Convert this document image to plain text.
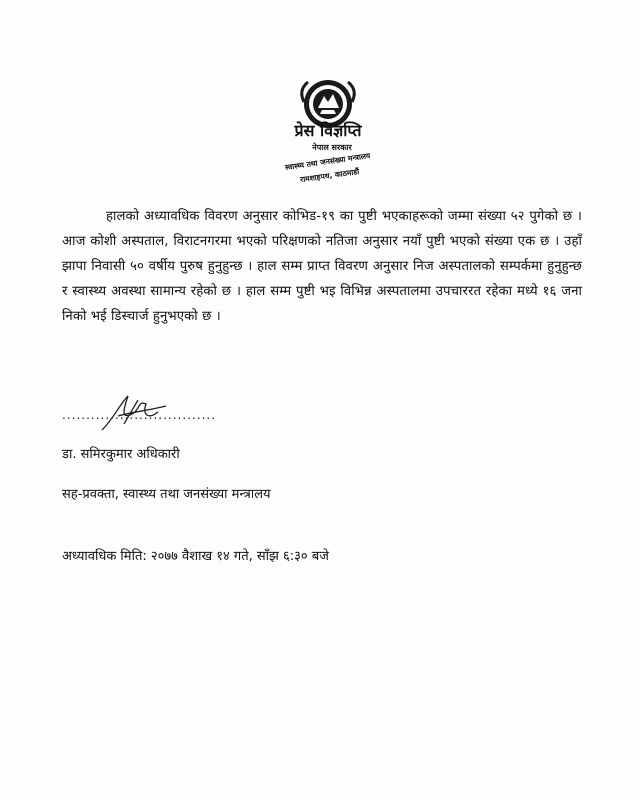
प्रेस विज्ञप्ति
नेपाल सरकार
स्वास्थ्य तथा जनसंख्या मन्त्रालय
रामशाहपथ, काठमाडौं
हालको अध्यावधिक विवरण अनुसार कोभिड-१९ का पुष्टी भएकाहरूको जम्मा संख्या ५२ पुगेको छ । आज कोशी अस्पताल, विराटनगरमा भएको परिक्षणको नतिजा अनुसार नयाँ पुष्टी भएको संख्या एक छ । उहाँ झापा निवासी ५० वर्षीय पुरुष हुनुहुन्छ । हाल सम्म प्राप्त विवरण अनुसार निज अस्पतालको सम्पर्कमा हुनुहुन्छ र स्वास्थ्य अवस्था सामान्य रहेको छ । हाल सम्म पुष्टी भइ विभिन्न अस्पतालमा उपचाररत रहेका मध्ये १६ जना निको भई डिस्चार्ज हुनुभएको छ ।
................................
डा. समिरकुमार अधिकारी
सह-प्रवक्ता, स्वास्थ्य तथा जनसंख्या मन्त्रालय
अध्यावधिक मिति: २०७७ वैशाख १४ गते, साँझ ६:३० बजे
